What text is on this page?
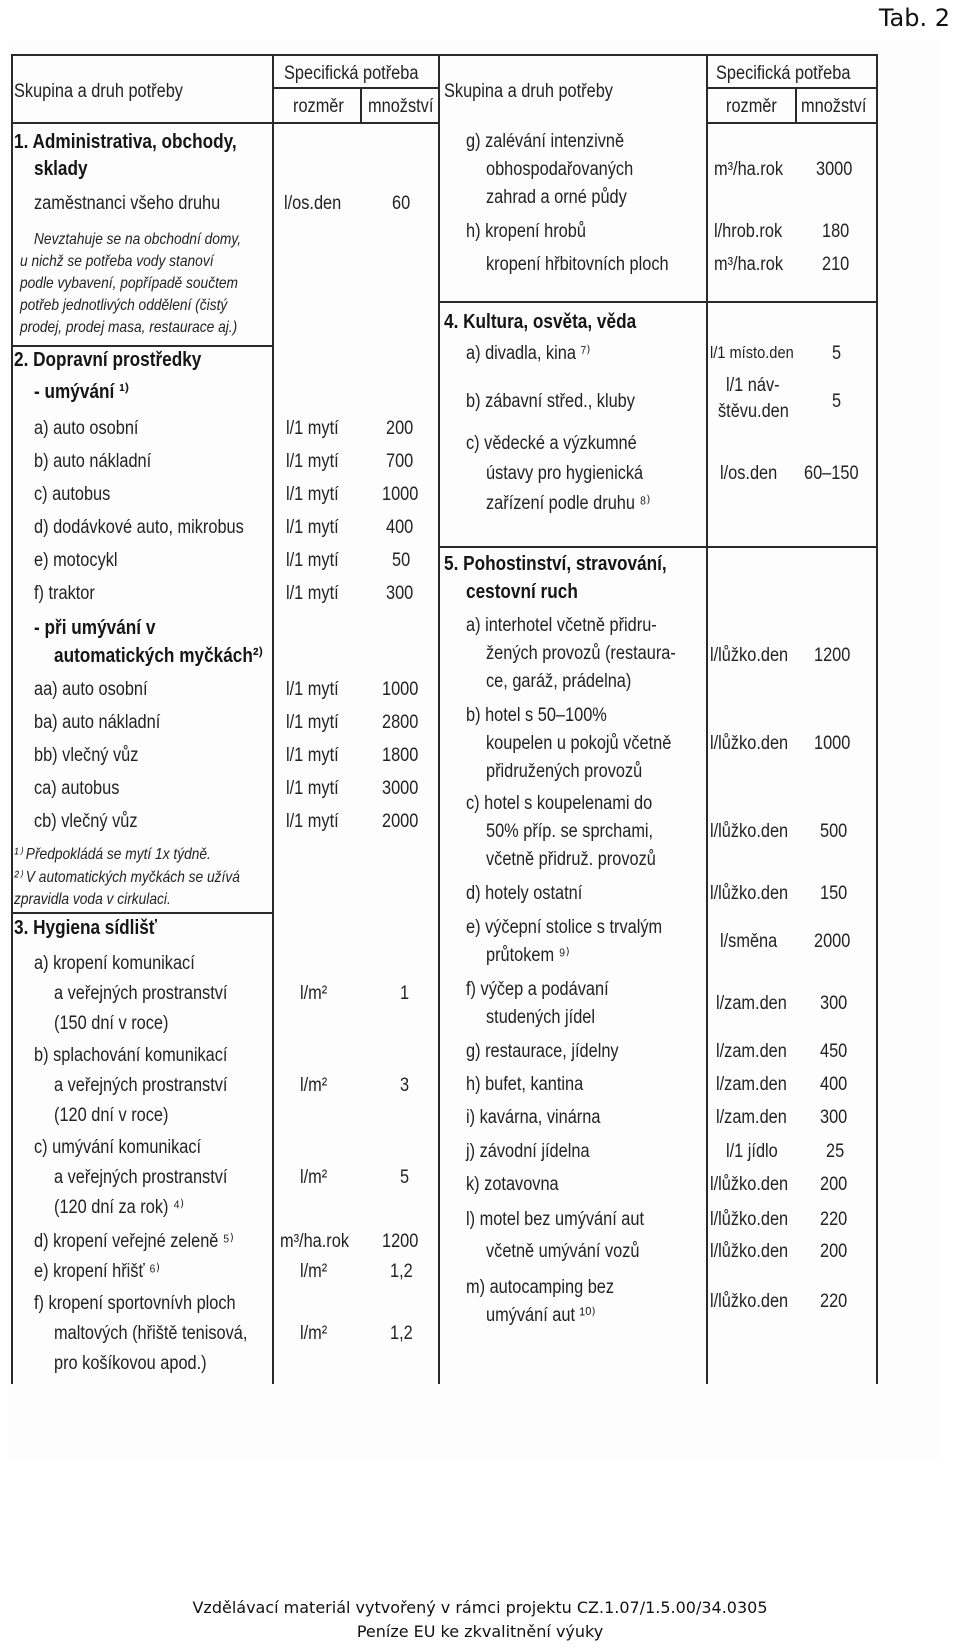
Tab. 2
Skupina a druh potřeby
Specifická potřeba
rozměr množství
1. Administrativa, obchody,
sklady
zaměstnanci všeho druhu	l/os.den	60
Nevztahuje se na obchodní domy,
u nichž se potřeba vody stanoví
podle vybavení, popřípadě součtem
potřeb jednotlivých oddělení (čistý
prodej, prodej masa, restaurace aj.)
2. Dopravní prostředky
- umývání ¹⁾
a) auto osobní	l/1 mytí 200
b) auto nákladní	l/1 mytí 700
c) autobus	l/1 mytí 1000
d) dodávkové auto, mikrobus l/1 mytí 400
e) motocykl	l/1 mytí	50
f) traktor	l/1 mytí 300
- při umývání v
automatických myčkách²⁾
aa) auto osobní	l/1 mytí 1000
ba) auto nákladní	l/1 mytí 2800
bb) vlečný vůz	l/1 mytí 1800
ca) autobus	l/1 mytí 3000
cb) vlečný vůz	l/1 mytí 2000
¹⁾ Předpokládá se mytí 1x týdně.
²⁾ V automatických myčkách se užívá
zpravidla voda v cirkulaci.
3. Hygiena sídlišť
a) kropení komunikací
a veřejných prostranství
(150 dní v roce)
l/m²	1
b) splachování komunikací
a veřejných prostranství
(120 dní v roce)
l/m²	3
c) umývání komunikací
a veřejných prostranství
(120 dní za rok) ⁴⁾
l/m²	5
d) kropení veřejné zeleně ⁵⁾ m³/ha.rok 1200
e) kropení hřišť ⁶⁾	l/m²	1,2
f) kropení sportovnívh ploch
maltových (hřiště tenisová,
pro košíkovou apod.)
l/m²	1,2
Skupina a druh potřeby
Specifická potřeba
rozměr množství
g) zalévání intenzivně
obhospodařovaných
zahrad a orné půdy
m³/ha.rok 3000
h) kropení hrobů	l/hrob.rok 180
kropení hřbitovních ploch m³/ha.rok 210
4. Kultura, osvěta, věda
a) divadla, kina ⁷⁾	l/1 místo.den 5
b) zábavní střed., kluby
l/1 náv-
štěvu.den 5
c) vědecké a výzkumné
ústavy pro hygienická
zařízení podle druhu ⁸⁾
l/os.den 60–150
5. Pohostinství, stravování,
cestovní ruch
a) interhotel včetně přidru-
žených provozů (restaura-
ce, garáž, prádelna)
l/lůžko.den 1200
b) hotel s 50–100%
koupelen u pokojů včetně
přidružených provozů
l/lůžko.den 1000
c) hotel s koupelenami do
50% příp. se sprchami,
včetně přidruž. provozů
l/lůžko.den 500
d) hotely ostatní	l/lůžko.den 150
e) výčepní stolice s trvalým
průtokem ⁹⁾
l/směna 2000
f) výčep a podávaní
studených jídel
l/zam.den 300
g) restaurace, jídelny	l/zam.den 450
h) bufet, kantina	l/zam.den 400
i) kavárna, vinárna	l/zam.den 300
j) závodní jídelna	l/1 jídlo	25
k) zotavovna	l/lůžko.den 200
l) motel bez umývání aut	l/lůžko.den 220
včetně umývání vozů	l/lůžko.den 200
m) autocamping bez
umývání aut ¹⁰⁾
l/lůžko.den 220
Vzdělávací materiál vytvořený v rámci projektu CZ.1.07/1.5.00/34.0305
Peníze EU ke zkvalitnění výuky
